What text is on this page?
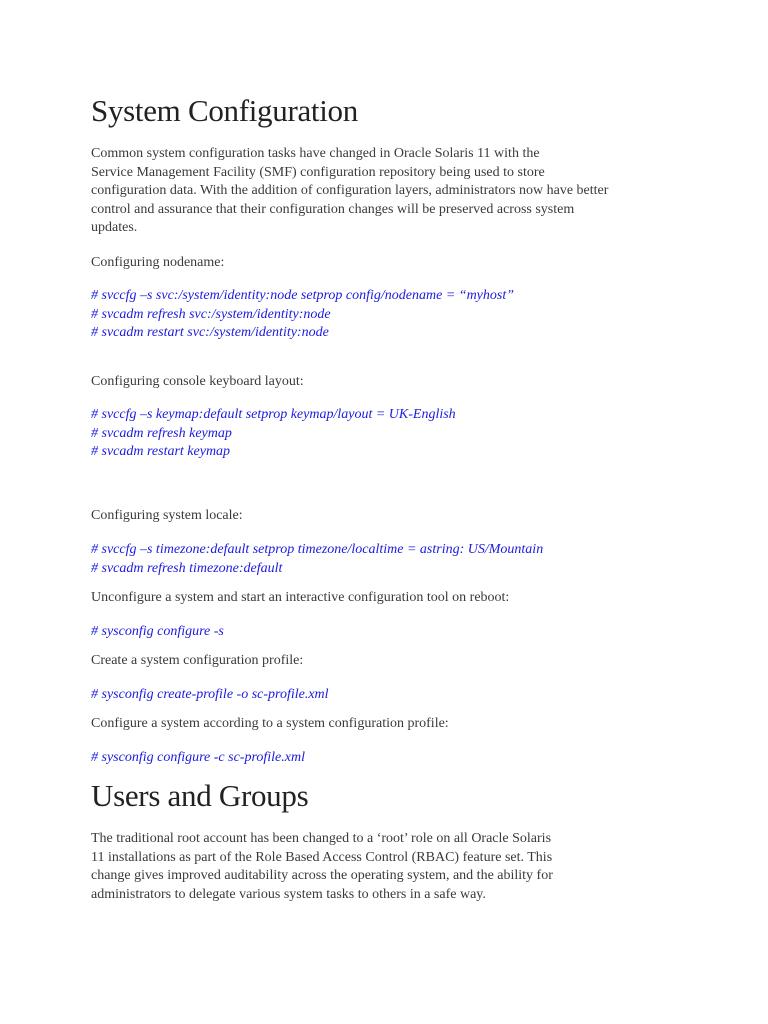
System Configuration

Common system configuration tasks have changed in Oracle Solaris 11 with the
Service Management Facility (SMF) configuration repository being used to store
configuration data. With the addition of configuration layers, administrators now have better
control and assurance that their configuration changes will be preserved across system
updates.

Configuring nodename:

# svccfg –s svc:/system/identity:node setprop config/nodename = “myhost”
# svcadm refresh svc:/system/identity:node
# svcadm restart svc:/system/identity:node

Configuring console keyboard layout:

# svccfg –s keymap:default setprop keymap/layout = UK-English
# svcadm refresh keymap
# svcadm restart keymap

Configuring system locale:

# svccfg –s timezone:default setprop timezone/localtime = astring: US/Mountain
# svcadm refresh timezone:default

Unconfigure a system and start an interactive configuration tool on reboot:

# sysconfig configure -s

Create a system configuration profile:

# sysconfig create-profile -o sc-profile.xml

Configure a system according to a system configuration profile:

# sysconfig configure -c sc-profile.xml
Users and Groups

The traditional root account has been changed to a ‘root’ role on all Oracle Solaris
11 installations as part of the Role Based Access Control (RBAC) feature set. This
change gives improved auditability across the operating system, and the ability for
administrators to delegate various system tasks to others in a safe way.
